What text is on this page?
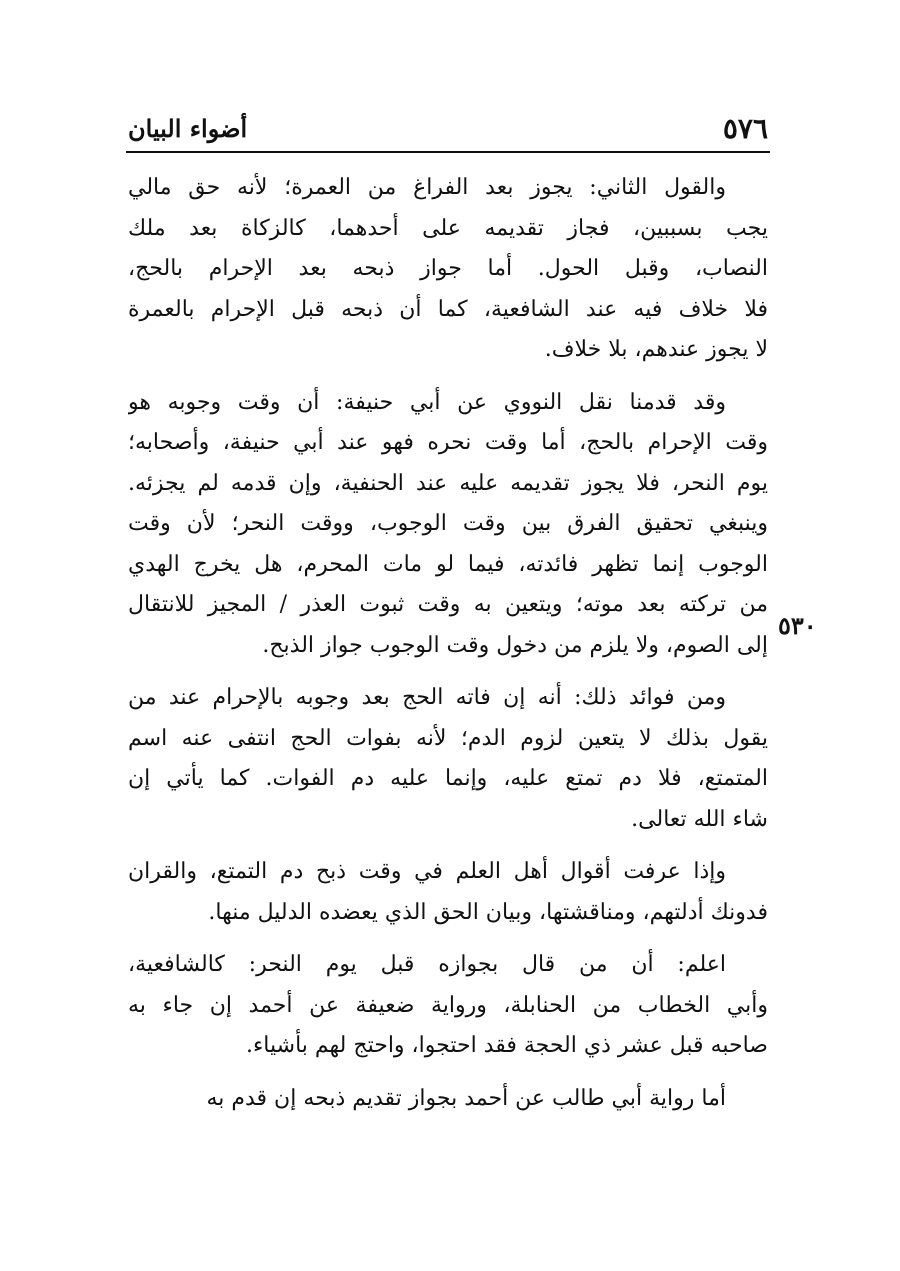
٥٧٦
أضواء البيان
٥٣٠
والقول الثاني: يجوز بعد الفراغ من العمرة؛ لأنه حق مالي
يجب بسببين، فجاز تقديمه على أحدهما، كالزكاة بعد ملك
النصاب، وقبل الحول. أما جواز ذبحه بعد الإحرام بالحج،
فلا خلاف فيه عند الشافعية، كما أن ذبحه قبل الإحرام بالعمرة
لا يجوز عندهم، بلا خلاف.
وقد قدمنا نقل النووي عن أبي حنيفة: أن وقت وجوبه هو
وقت الإحرام بالحج، أما وقت نحره فهو عند أبي حنيفة، وأصحابه؛
يوم النحر، فلا يجوز تقديمه عليه عند الحنفية، وإن قدمه لم يجزئه.
وينبغي تحقيق الفرق بين وقت الوجوب، ووقت النحر؛ لأن وقت
الوجوب إنما تظهر فائدته، فيما لو مات المحرم، هل يخرج الهدي
من تركته بعد موته؛ ويتعين به وقت ثبوت العذر / المجيز للانتقال
إلى الصوم، ولا يلزم من دخول وقت الوجوب جواز الذبح.
ومن فوائد ذلك: أنه إن فاته الحج بعد وجوبه بالإحرام عند من
يقول بذلك لا يتعين لزوم الدم؛ لأنه بفوات الحج انتفى عنه اسم
المتمتع، فلا دم تمتع عليه، وإنما عليه دم الفوات. كما يأتي إن
شاء الله تعالى.
وإذا عرفت أقوال أهل العلم في وقت ذبح دم التمتع، والقران
فدونك أدلتهم، ومناقشتها، وبيان الحق الذي يعضده الدليل منها.
اعلم: أن من قال بجوازه قبل يوم النحر: كالشافعية،
وأبي الخطاب من الحنابلة، ورواية ضعيفة عن أحمد إن جاء به
صاحبه قبل عشر ذي الحجة فقد احتجوا، واحتج لهم بأشياء.
أما رواية أبي طالب عن أحمد بجواز تقديم ذبحه إن قدم به
